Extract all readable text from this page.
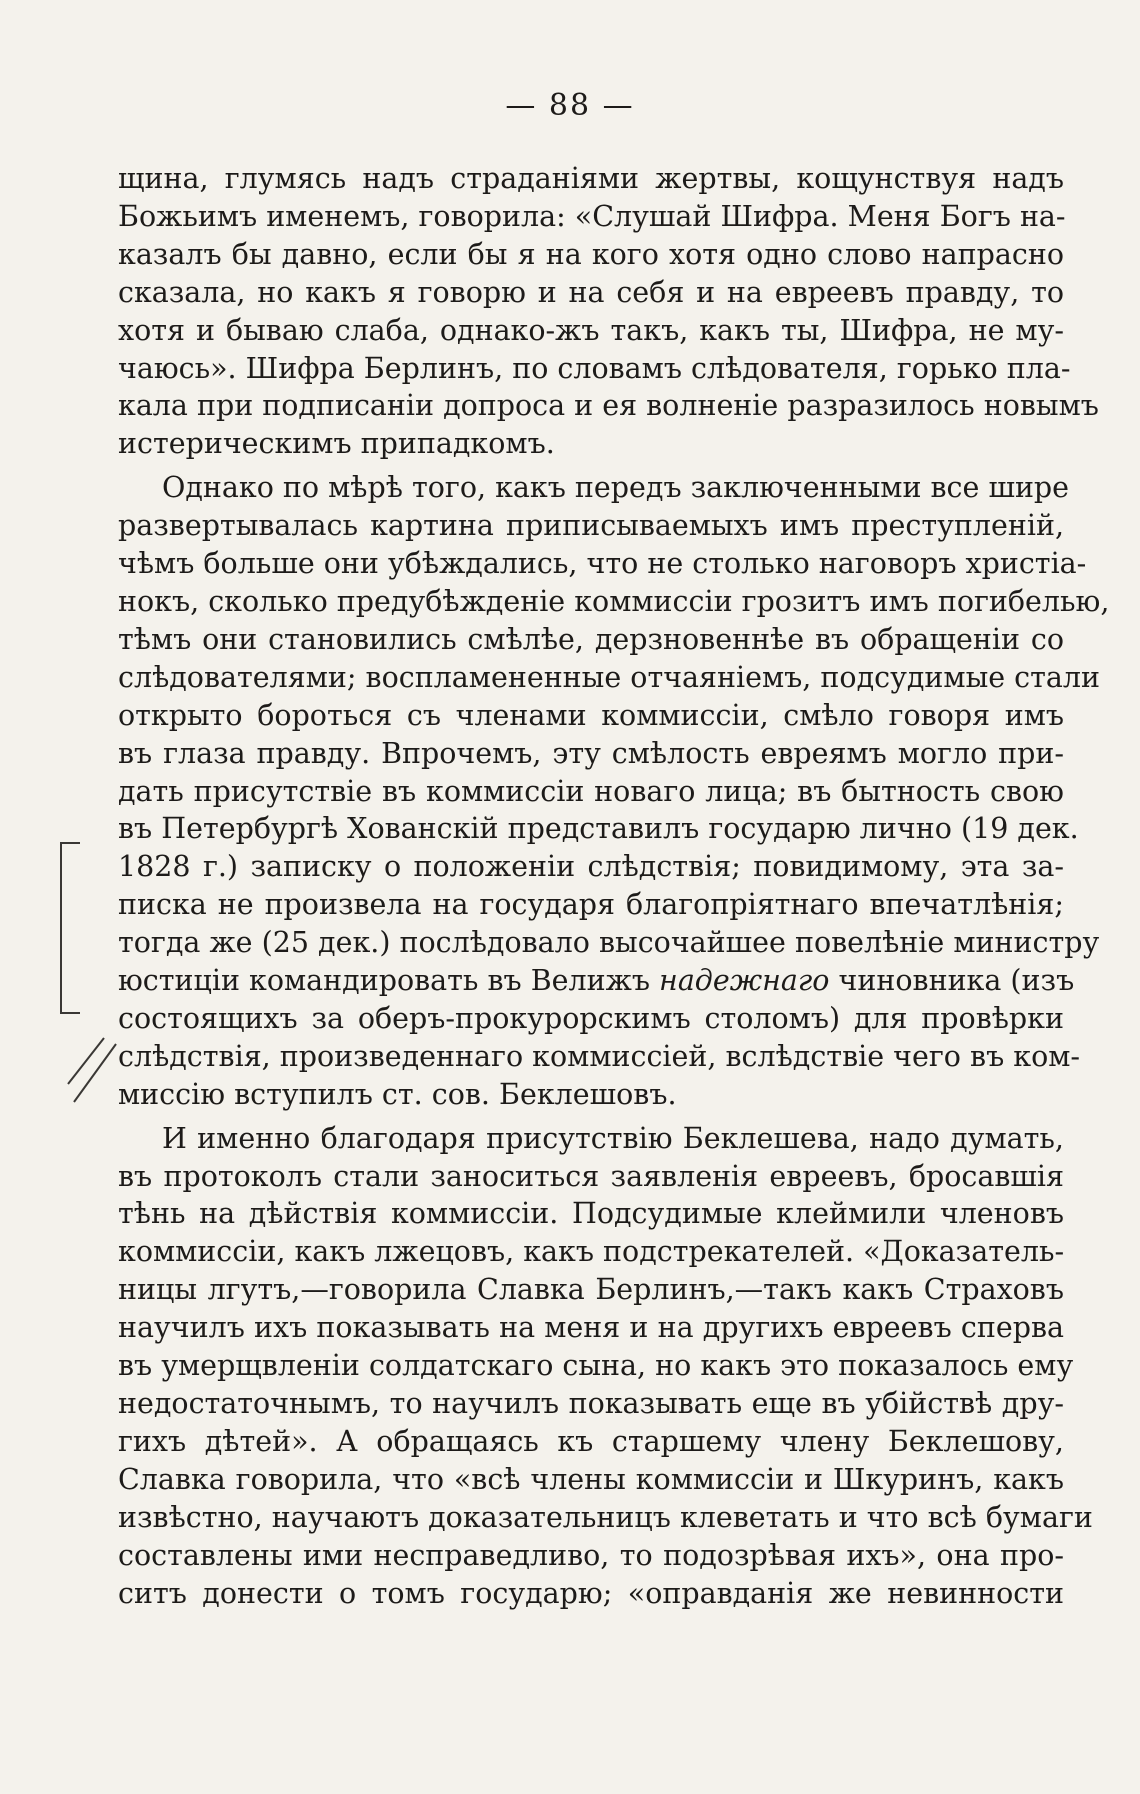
— 88 —

щина, глумясь надъ страданіями жертвы, кощунствуя надъ
Божьимъ именемъ, говорила: «Слушай Шифра. Меня Богъ на-
казалъ бы давно, если бы я на кого хотя одно слово напрасно
сказала, но какъ я говорю и на себя и на евреевъ правду, то
хотя и бываю слаба, однако-жъ такъ, какъ ты, Шифра, не му-
чаюсь». Шифра Берлинъ, по словамъ слѣдователя, горько пла-
кала при подписаніи допроса и ея волненіе разразилось новымъ
истерическимъ припадкомъ.

Однако по мѣрѣ того, какъ передъ заключенными все шире
развертывалась картина приписываемыхъ имъ преступленій,
чѣмъ больше они убѣждались, что не столько наговоръ христіа-
нокъ, сколько предубѣжденіе коммиссіи грозитъ имъ погибелью,
тѣмъ они становились смѣлѣе, дерзновеннѣе въ обращеніи со
слѣдователями; воспламененные отчаяніемъ, подсудимые стали
открыто бороться съ членами коммиссіи, смѣло говоря имъ
въ глаза правду. Впрочемъ, эту смѣлость евреямъ могло при-
дать присутствіе въ коммиссіи новаго лица; въ бытность свою
въ Петербургѣ Хованскій представилъ государю лично (19 дек.
1828 г.) записку о положеніи слѣдствія; повидимому, эта за-
писка не произвела на государя благопріятнаго впечатлѣнія;
тогда же (25 дек.) послѣдовало высочайшее повелѣніе министру
юстиціи командировать въ Велижъ надежнаго чиновника (изъ
состоящихъ за оберъ-прокурорскимъ столомъ) для провѣрки
слѣдствія, произведеннаго коммиссіей, вслѣдствіе чего въ ком-
миссію вступилъ ст. сов. Беклешовъ.

И именно благодаря присутствію Беклешева, надо думать,
въ протоколъ стали заноситься заявленія евреевъ, бросавшія
тѣнь на дѣйствія коммиссіи. Подсудимые клеймили членовъ
коммиссіи, какъ лжецовъ, какъ подстрекателей. «Доказатель-
ницы лгутъ,—говорила Славка Берлинъ,—такъ какъ Страховъ
научилъ ихъ показывать на меня и на другихъ евреевъ сперва
въ умерщвленіи солдатскаго сына, но какъ это показалось ему
недостаточнымъ, то научилъ показывать еще въ убійствѣ дру-
гихъ дѣтей». А обращаясь къ старшему члену Беклешову,
Славка говорила, что «всѣ члены коммиссіи и Шкуринъ, какъ
извѣстно, научаютъ доказательницъ клеветать и что всѣ бумаги
составлены ими несправедливо, то подозрѣвая ихъ», она про-
ситъ донести о томъ государю; «оправданія же невинности
